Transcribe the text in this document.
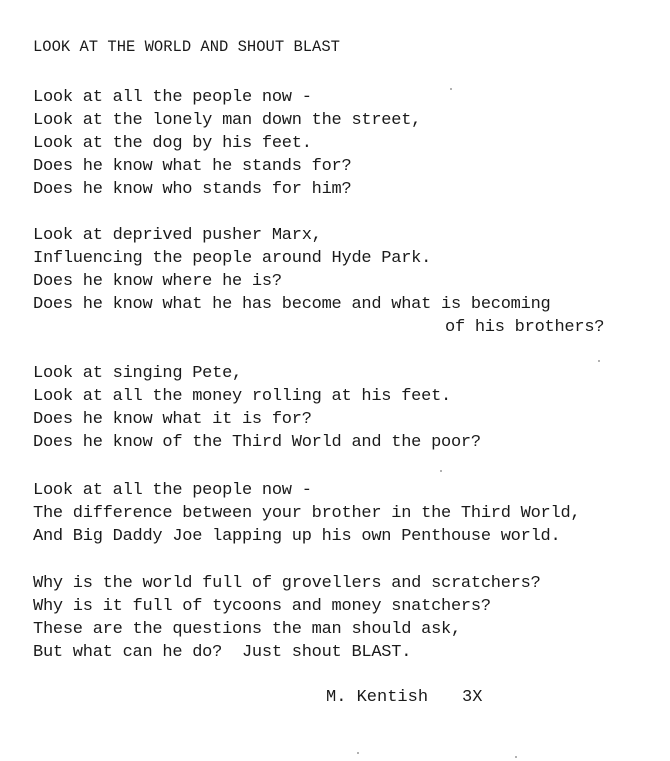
LOOK AT THE WORLD AND SHOUT BLAST
Look at all the people now -
Look at the lonely man down the street,
Look at the dog by his feet.
Does he know what he stands for?
Does he know who stands for him?
Look at deprived pusher Marx,
Influencing the people around Hyde Park.
Does he know where he is?
Does he know what he has become and what is becoming
of his brothers?
Look at singing Pete,
Look at all the money rolling at his feet.
Does he know what it is for?
Does he know of the Third World and the poor?
Look at all the people now -
The difference between your brother in the Third World,
And Big Daddy Joe lapping up his own Penthouse world.
Why is the world full of grovellers and scratchers?
Why is it full of tycoons and money snatchers?
These are the questions the man should ask,
But what can he do?  Just shout BLAST.
M. Kentish 3X
